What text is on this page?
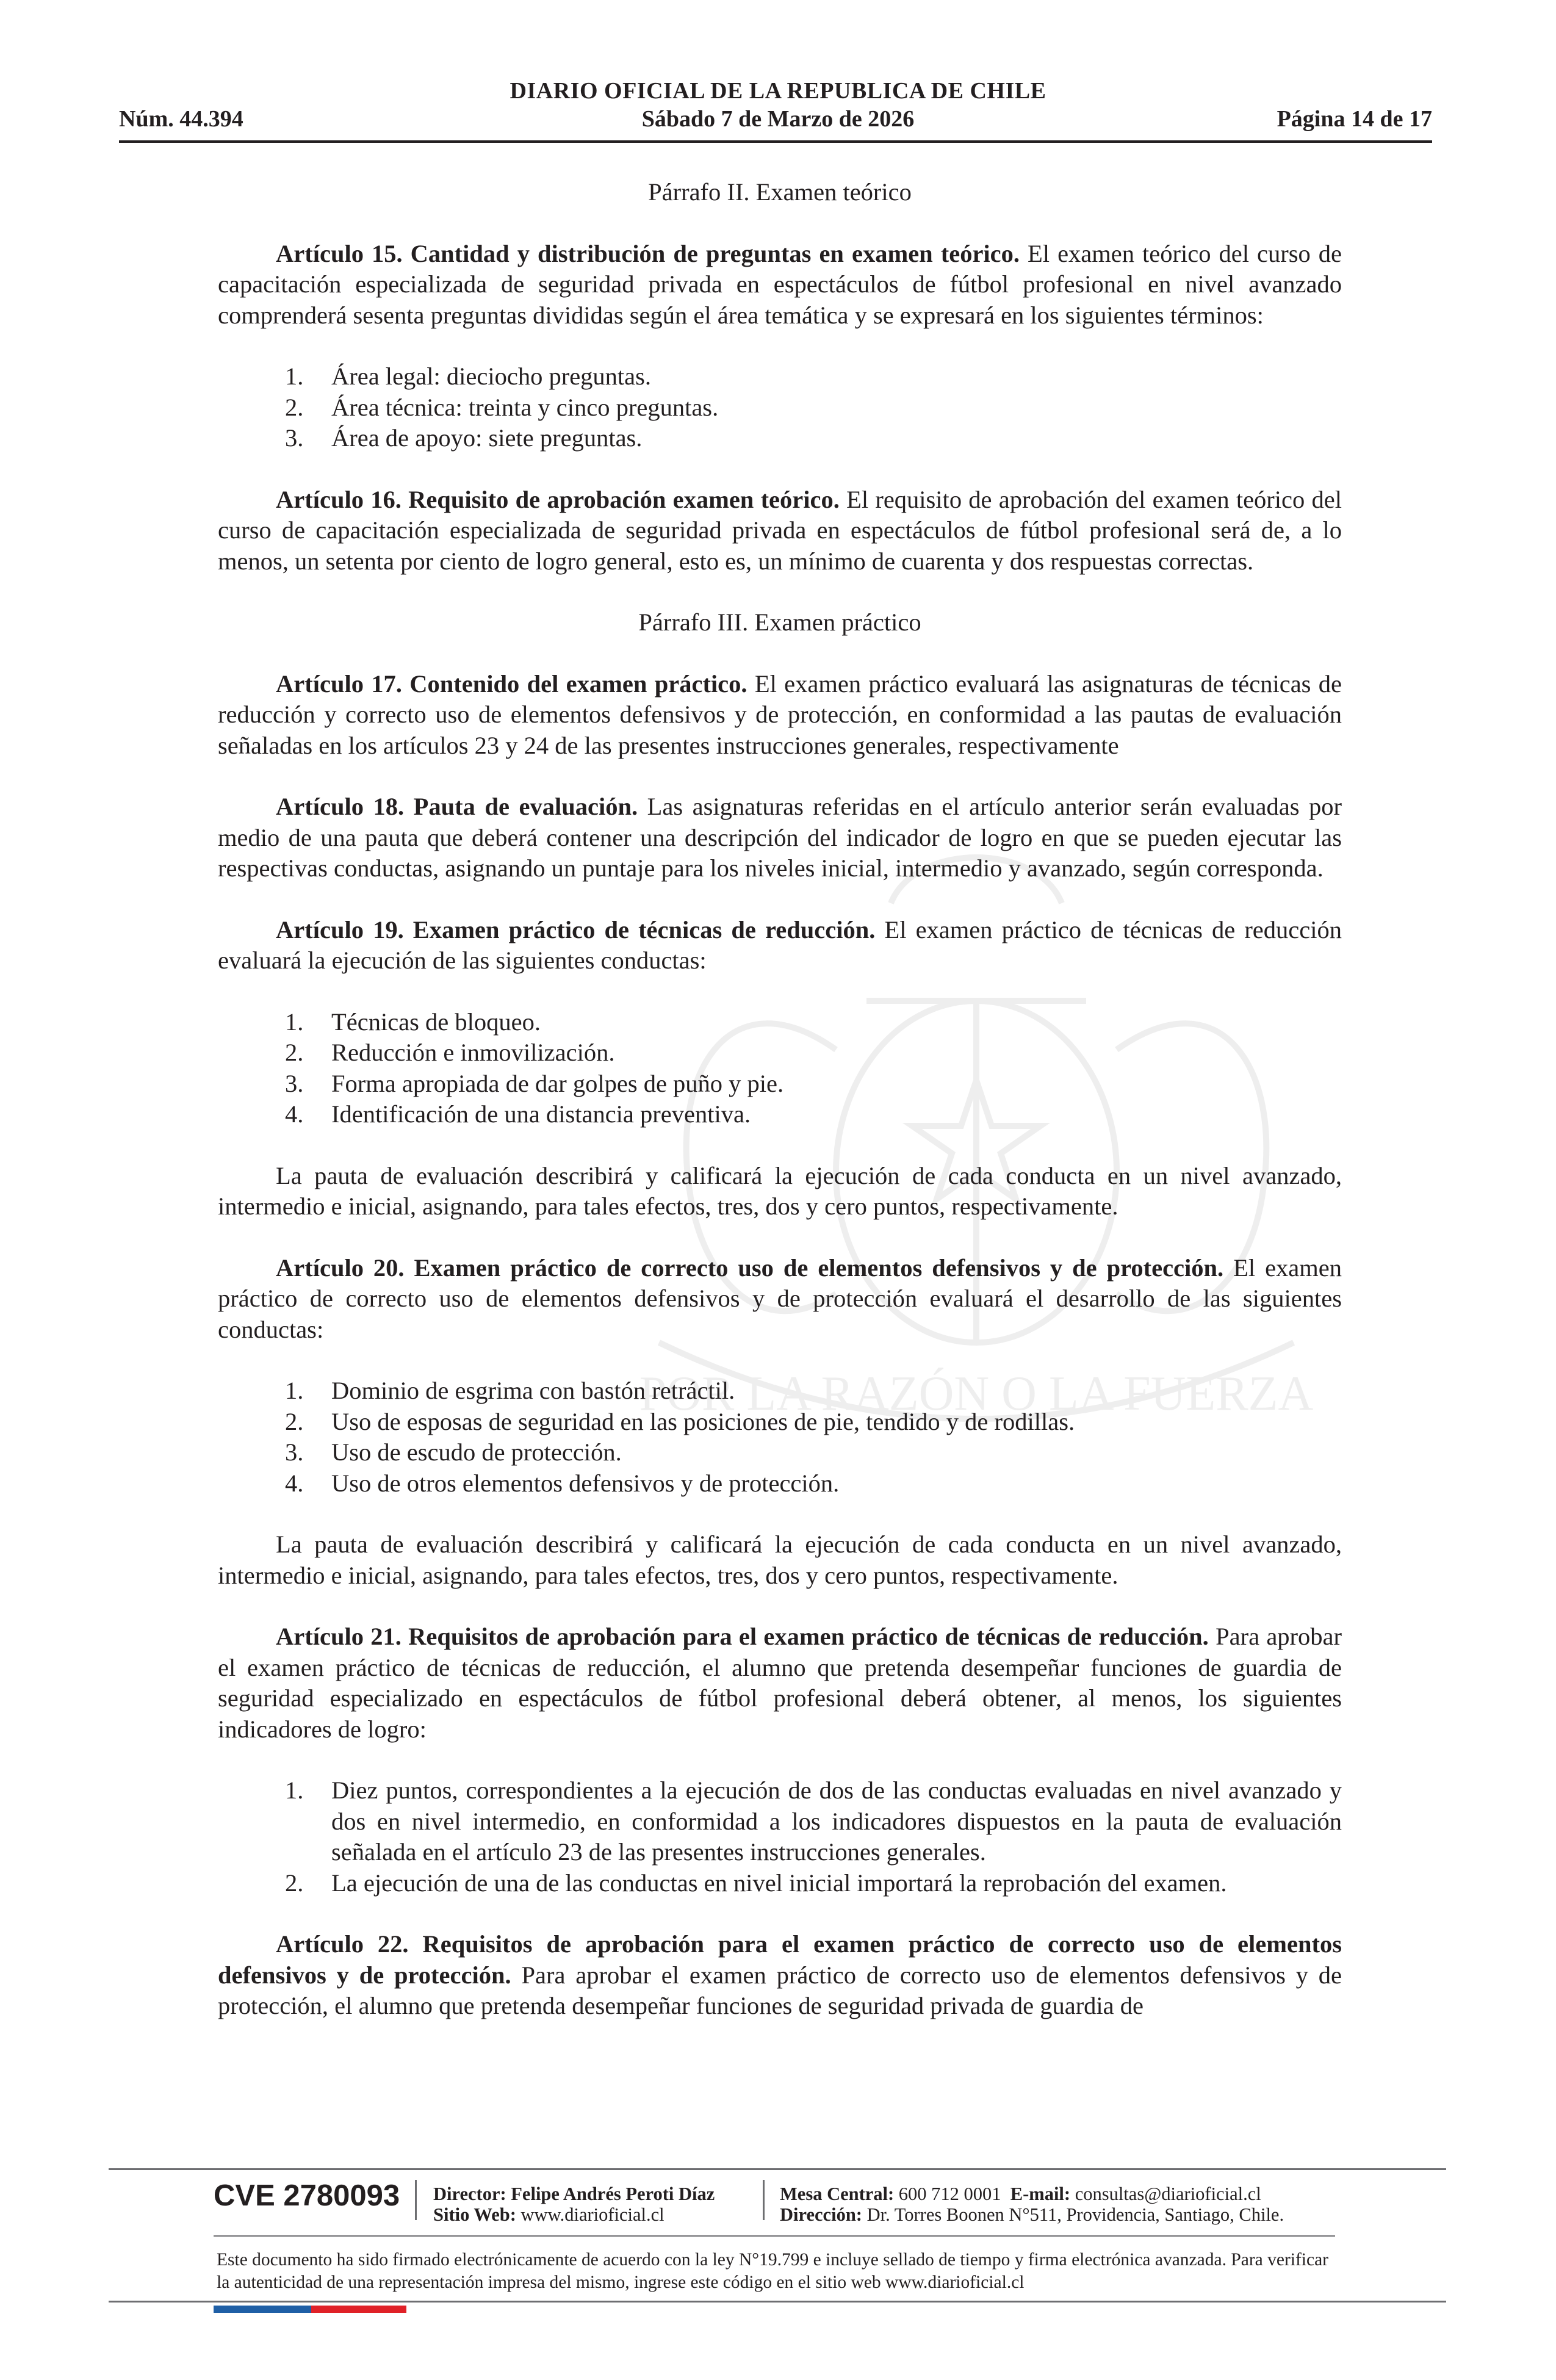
POR LA RAZÓN O LA FUERZA
DIARIO OFICIAL DE LA REPUBLICA DE CHILE
Núm. 44.394	Sábado 7 de Marzo de 2026	Página 14 de 17

Párrafo II. Examen teórico

Artículo 15. Cantidad y distribución de preguntas en examen teórico. El examen teórico del curso de capacitación especializada de seguridad privada en espectáculos de fútbol profesional en nivel avanzado comprenderá sesenta preguntas divididas según el área temática y se expresará en los siguientes términos:

1. Área legal: dieciocho preguntas.
2. Área técnica: treinta y cinco preguntas.
3. Área de apoyo: siete preguntas.

Artículo 16. Requisito de aprobación examen teórico. El requisito de aprobación del examen teórico del curso de capacitación especializada de seguridad privada en espectáculos de fútbol profesional será de, a lo menos, un setenta por ciento de logro general, esto es, un mínimo de cuarenta y dos respuestas correctas.

Párrafo III. Examen práctico

Artículo 17. Contenido del examen práctico. El examen práctico evaluará las asignaturas de técnicas de reducción y correcto uso de elementos defensivos y de protección, en conformidad a las pautas de evaluación señaladas en los artículos 23 y 24 de las presentes instrucciones generales, respectivamente

Artículo 18. Pauta de evaluación. Las asignaturas referidas en el artículo anterior serán evaluadas por medio de una pauta que deberá contener una descripción del indicador de logro en que se pueden ejecutar las respectivas conductas, asignando un puntaje para los niveles inicial, intermedio y avanzado, según corresponda.

Artículo 19. Examen práctico de técnicas de reducción. El examen práctico de técnicas de reducción evaluará la ejecución de las siguientes conductas:

1. Técnicas de bloqueo.
2. Reducción e inmovilización.
3. Forma apropiada de dar golpes de puño y pie.
4. Identificación de una distancia preventiva.

La pauta de evaluación describirá y calificará la ejecución de cada conducta en un nivel avanzado, intermedio e inicial, asignando, para tales efectos, tres, dos y cero puntos, respectivamente.

Artículo 20. Examen práctico de correcto uso de elementos defensivos y de protección. El examen práctico de correcto uso de elementos defensivos y de protección evaluará el desarrollo de las siguientes conductas:

1. Dominio de esgrima con bastón retráctil.
2. Uso de esposas de seguridad en las posiciones de pie, tendido y de rodillas.
3. Uso de escudo de protección.
4. Uso de otros elementos defensivos y de protección.

La pauta de evaluación describirá y calificará la ejecución de cada conducta en un nivel avanzado, intermedio e inicial, asignando, para tales efectos, tres, dos y cero puntos, respectivamente.

Artículo 21. Requisitos de aprobación para el examen práctico de técnicas de reducción. Para aprobar el examen práctico de técnicas de reducción, el alumno que pretenda desempeñar funciones de guardia de seguridad especializado en espectáculos de fútbol profesional deberá obtener, al menos, los siguientes indicadores de logro:

1. Diez puntos, correspondientes a la ejecución de dos de las conductas evaluadas en nivel avanzado y dos en nivel intermedio, en conformidad a los indicadores dispuestos en la pauta de evaluación señalada en el artículo 23 de las presentes instrucciones generales.
2. La ejecución de una de las conductas en nivel inicial importará la reprobación del examen.

Artículo 22. Requisitos de aprobación para el examen práctico de correcto uso de elementos defensivos y de protección. Para aprobar el examen práctico de correcto uso de elementos defensivos y de protección, el alumno que pretenda desempeñar funciones de seguridad privada de guardia de

CVE 2780093 Director: Felipe Andrés Peroti Díaz
Sitio Web: www.diarioficial.cl
Mesa Central: 600 712 0001 E-mail: consultas@diarioficial.cl
Dirección: Dr. Torres Boonen N°511, Providencia, Santiago, Chile.
Este documento ha sido firmado electrónicamente de acuerdo con la ley N°19.799 e incluye sellado de tiempo y firma electrónica avanzada. Para verificar la autenticidad de una representación impresa del mismo, ingrese este código en el sitio web www.diarioficial.cl
